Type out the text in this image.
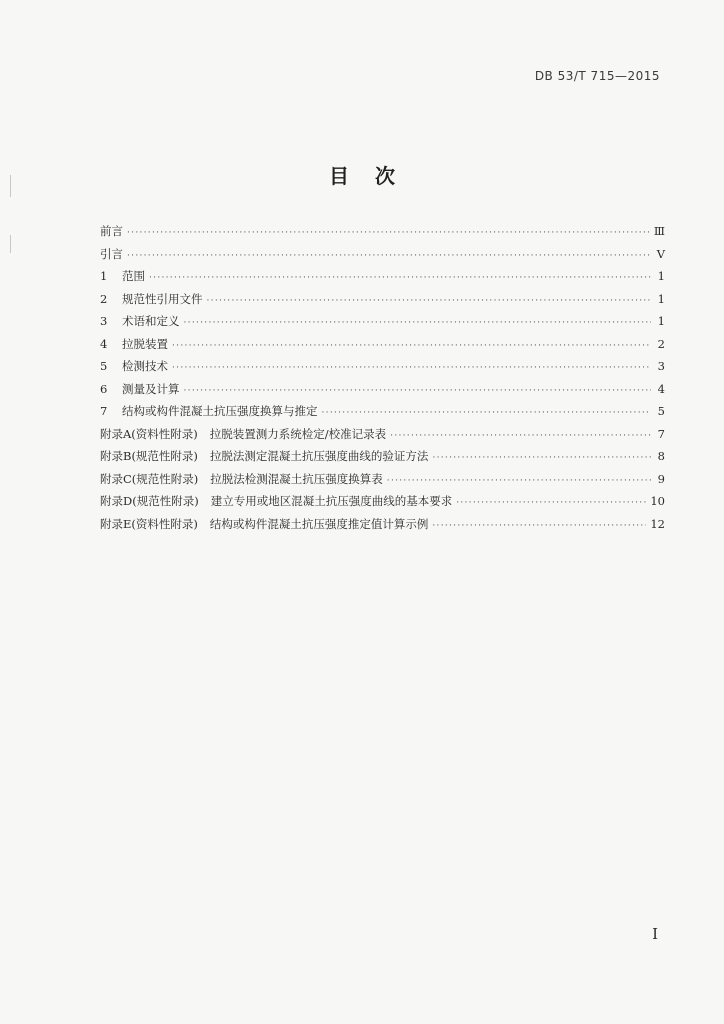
DB 53/T 715—2015
目次
前言 ·····	Ⅲ
引言 ·····	Ⅴ
1	范围 ·····	1
2	规范性引用文件 ·····	1
3	术语和定义 ·····	1
4	拉脱装置 ·····	2
5	检测技术 ·····	3
6	测量及计算 ·····	4
7	结构或构件混凝土抗压强度换算与推定 ·····	5
附录A(资料性附录) 拉脱装置测力系统检定/校准记录表 ·····	7
附录B(规范性附录) 拉脱法测定混凝土抗压强度曲线的验证方法 ·····	8
附录C(规范性附录) 拉脱法检测混凝土抗压强度换算表 ·····	9
附录D(规范性附录) 建立专用或地区混凝土抗压强度曲线的基本要求 ·····	10
附录E(资料性附录) 结构或构件混凝土抗压强度推定值计算示例 ·····	12
I
